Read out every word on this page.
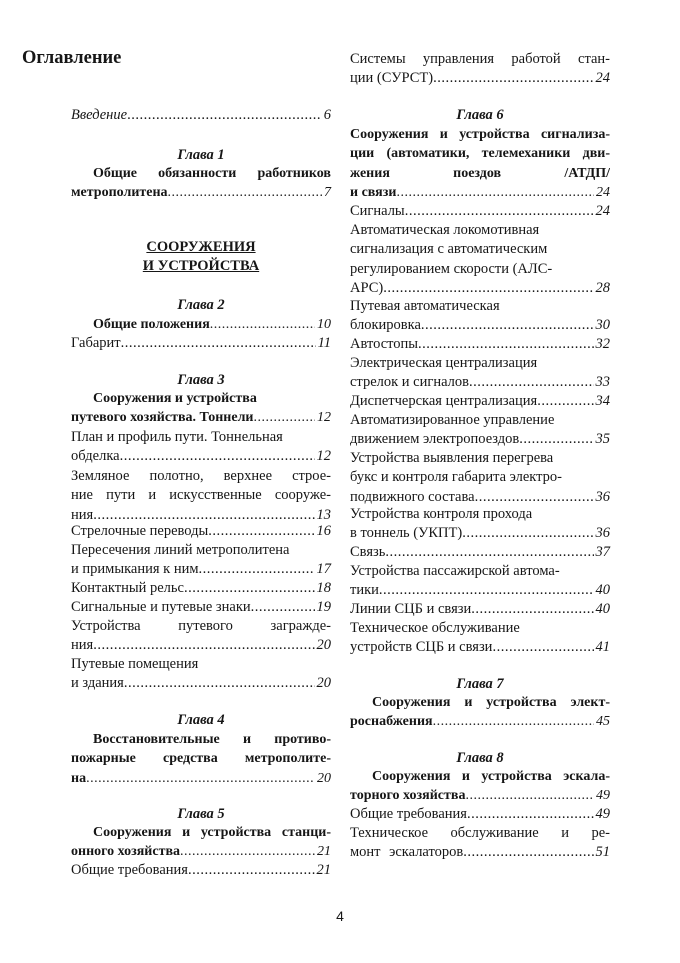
Оглавление
Введение .....	6
Глава 1
Общие обязанности работников
метрополитена .....	7
СООРУЖЕНИЯ
И УСТРОЙСТВА
Глава 2
Общие положения .....	10
Габарит .....	11
Глава 3
Сооружения и устройства
путевого хозяйства. Тоннели .....	12
План и профиль пути. Тоннельная
обделка .....	12
Земляное полотно, верхнее строе-
ние пути и искусственные сооруже-
ния .....	13
Стрелочные переводы .....	16
Пересечения линий метрополитена
и примыкания к ним .....	17
Контактный рельс .....	18
Сигнальные и путевые знаки .....	19
Устройства путевого загражде-
ния .....	20
Путевые помещения
и здания .....	20
Глава 4
Восстановительные и противо-
пожарные средства метрополите-
на .....	20
Глава 5
Сооружения и устройства станци-
онного хозяйства .....	21
Общие требования .....	21
Системы управления работой стан-
ции (СУРСТ) .....	24
Глава 6
Сооружения и устройства сигнализа-
ции (автоматики, телемеханики дви-
жения поездов /АТДП/
и связи .....	24
Сигналы .....	24
Автоматическая локомотивная
сигнализация с автоматическим
регулированием скорости (АЛС-
АРС) .....	28
Путевая автоматическая
блокировка .....	30
Автостопы .....	32
Электрическая централизация
стрелок и сигналов .....	33
Диспетчерская централизация .....	34
Автоматизированное управление
движением электропоездов .....	35
Устройства выявления перегрева
букс и контроля габарита электро-
подвижного состава .....	36
Устройства контроля прохода
в тоннель (УКПТ) .....	36
Связь .....	37
Устройства пассажирской автома-
тики .....	40
Линии СЦБ и связи .....	40
Техническое обслуживание
устройств СЦБ и связи .....	41
Глава 7
Сооружения и устройства элект-
роснабжения .....	45
Глава 8
Сооружения и устройства эскала-
торного хозяйства .....	49
Общие требования .....	49
Техническое обслуживание и ре-
монт эскалаторов .....	51
4
